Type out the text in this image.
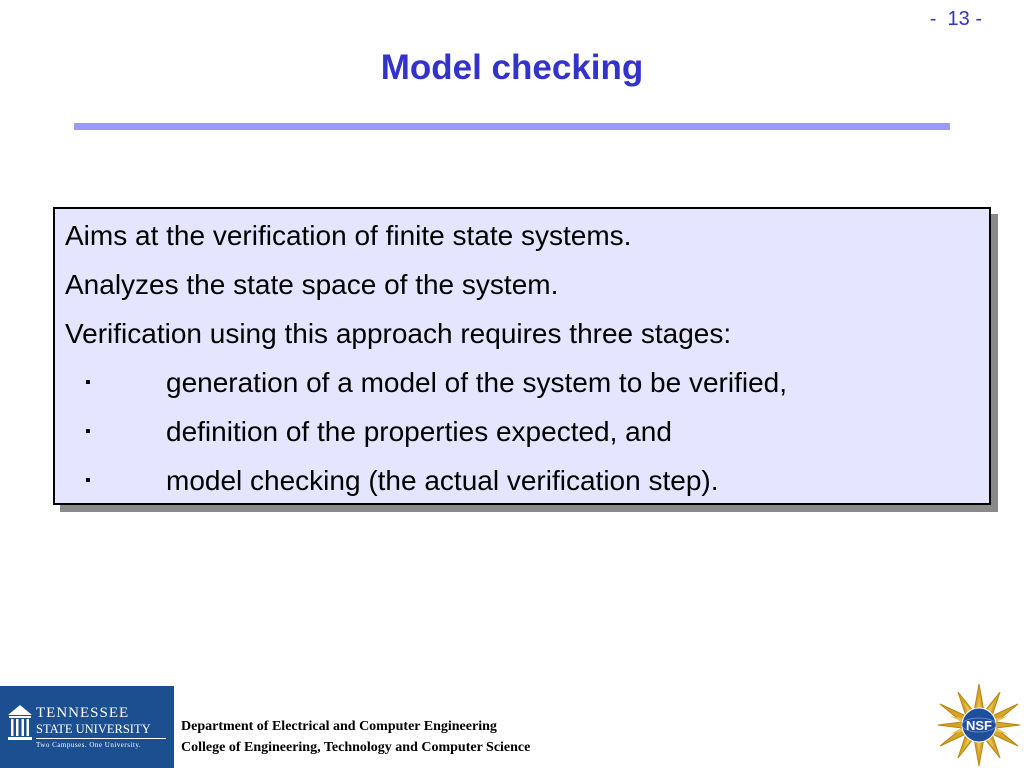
-  13 -
Model checking
Aims at the verification of finite state systems.
Analyzes the state space of the system.
Verification using this approach requires three stages:
▪	generation of a model of the system to be verified,
▪	definition of the properties expected, and
▪	model checking (the actual verification step).
TENNESSEE
STATE UNIVERSITY
Two Campuses. One University.
Department of Electrical and Computer Engineering
College of Engineering, Technology and Computer Science
NSF
